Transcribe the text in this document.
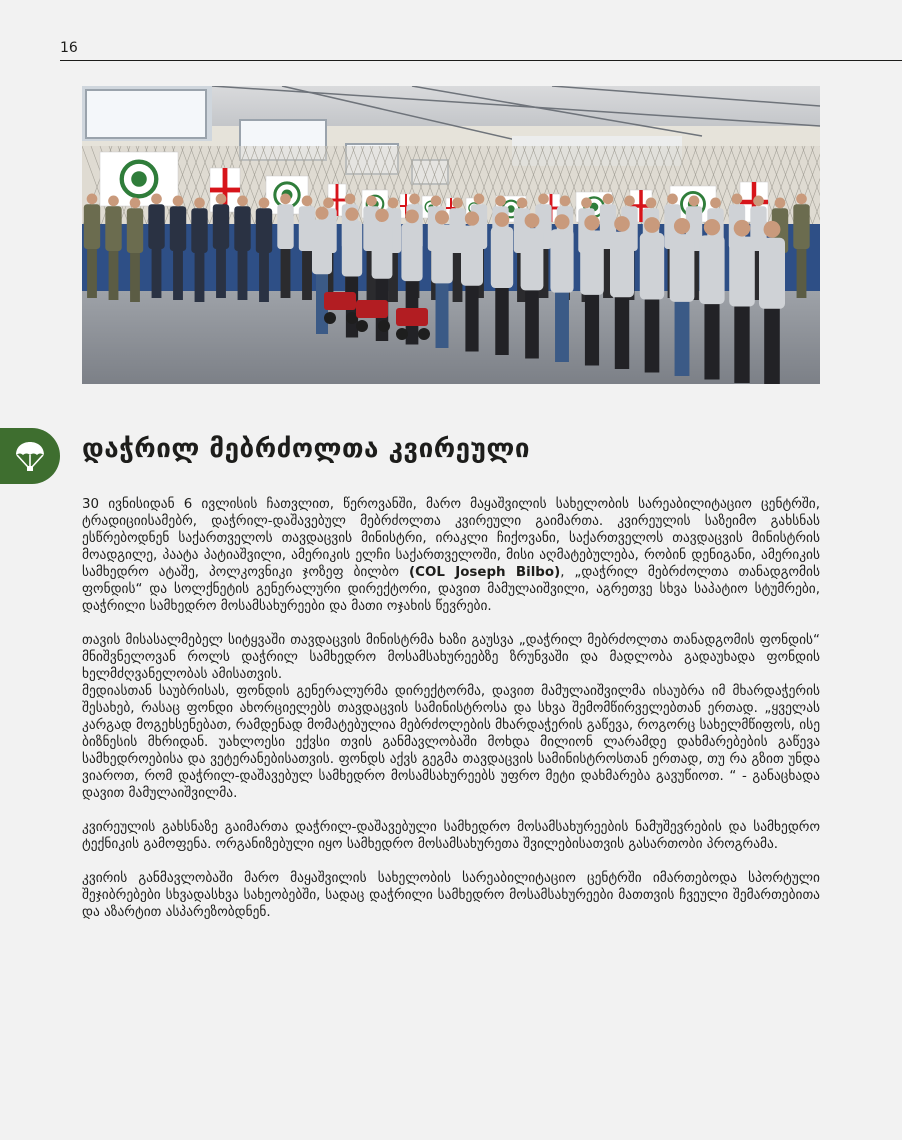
16
დაჭრილ მებრძოლთა კვირეული

30 ივნისიდან 6 ივლისის ჩათვლით, წეროვანში, მარო მაყაშვილის სახელობის სარეაბილიტაციო ცენტრში, ტრადიციისამებრ, დაჭრილ-დაშავებულ მებრძოლთა კვირეული გაიმართა. კვირეულის საზეიმო გახსნას ესწრებოდნენ საქართველოს თავდაცვის მინისტრი, ირაკლი ჩიქოვანი, საქართველოს თავდაცვის მინისტრის მოადგილე, პაატა პატიაშვილი, ამერიკის ელჩი საქართველოში, მისი აღმატებულება, რობინ დენიგანი, ამერიკის სამხედრო ატაშე, პოლკოვნიკი ჯოზეფ ბილბო (COL Joseph Bilbo), „დაჭრილ მებრძოლთა თანადგომის ფონდის“ და სოლქნეტის გენერალური დირექტორი, დავით მამულაიშვილი, აგრეთვე სხვა საპატიო სტუმრები, დაჭრილი სამხედრო მოსამსახურეები და მათი ოჯახის წევრები.

თავის მისასალმებელ სიტყვაში თავდაცვის მინისტრმა ხაზი გაუსვა „დაჭრილ მებრძოლთა თანადგომის ფონდის“ მნიშვნელოვან როლს დაჭრილ სამხედრო მოსამსახურეებზე ზრუნვაში და მადლობა გადაუხადა ფონდის ხელმძღვანელობას ამისათვის.

მედიასთან საუბრისას, ფონდის გენერალურმა დირექტორმა, დავით მამულაიშვილმა ისაუბრა იმ მხარდაჭერის შესახებ, რასაც ფონდი ახორციელებს თავდაცვის სამინისტროსა და სხვა შემომწირველებთან ერთად. „ყველას კარგად მოგეხსენებათ, რამდენად მომატებულია მებრძოლების მხარდაჭერის გაწევა, როგორც სახელმწიფოს, ისე ბიზნესის მხრიდან. უახლოესი ექვსი თვის განმავლობაში მოხდა მილიონ ლარამდე დახმარებების გაწევა სამხედროებისა და ვეტერანებისათვის. ფონდს აქვს გეგმა თავდაცვის სამინისტროსთან ერთად, თუ რა გზით უნდა ვიაროთ, რომ დაჭრილ-დაშავებულ სამხედრო მოსამსახურეებს უფრო მეტი დახმარება გავუწიოთ. “ - განაცხადა დავით მამულაიშვილმა.

კვირეულის გახსნაზე გაიმართა დაჭრილ-დაშავებული სამხედრო მოსამსახურეების ნამუშევრების და სამხედრო ტექნიკის გამოფენა. ორგანიზებული იყო სამხედრო მოსამსახურეთა შვილებისათვის გასართობი პროგრამა.

კვირის განმავლობაში მარო მაყაშვილის სახელობის სარეაბილიტაციო ცენტრში იმართებოდა სპორტული შეჯიბრებები სხვადასხვა სახეობებში, სადაც დაჭრილი სამხედრო მოსამსახურეები მათთვის ჩვეული შემართებითა და აზარტით ასპარეზობდნენ.
